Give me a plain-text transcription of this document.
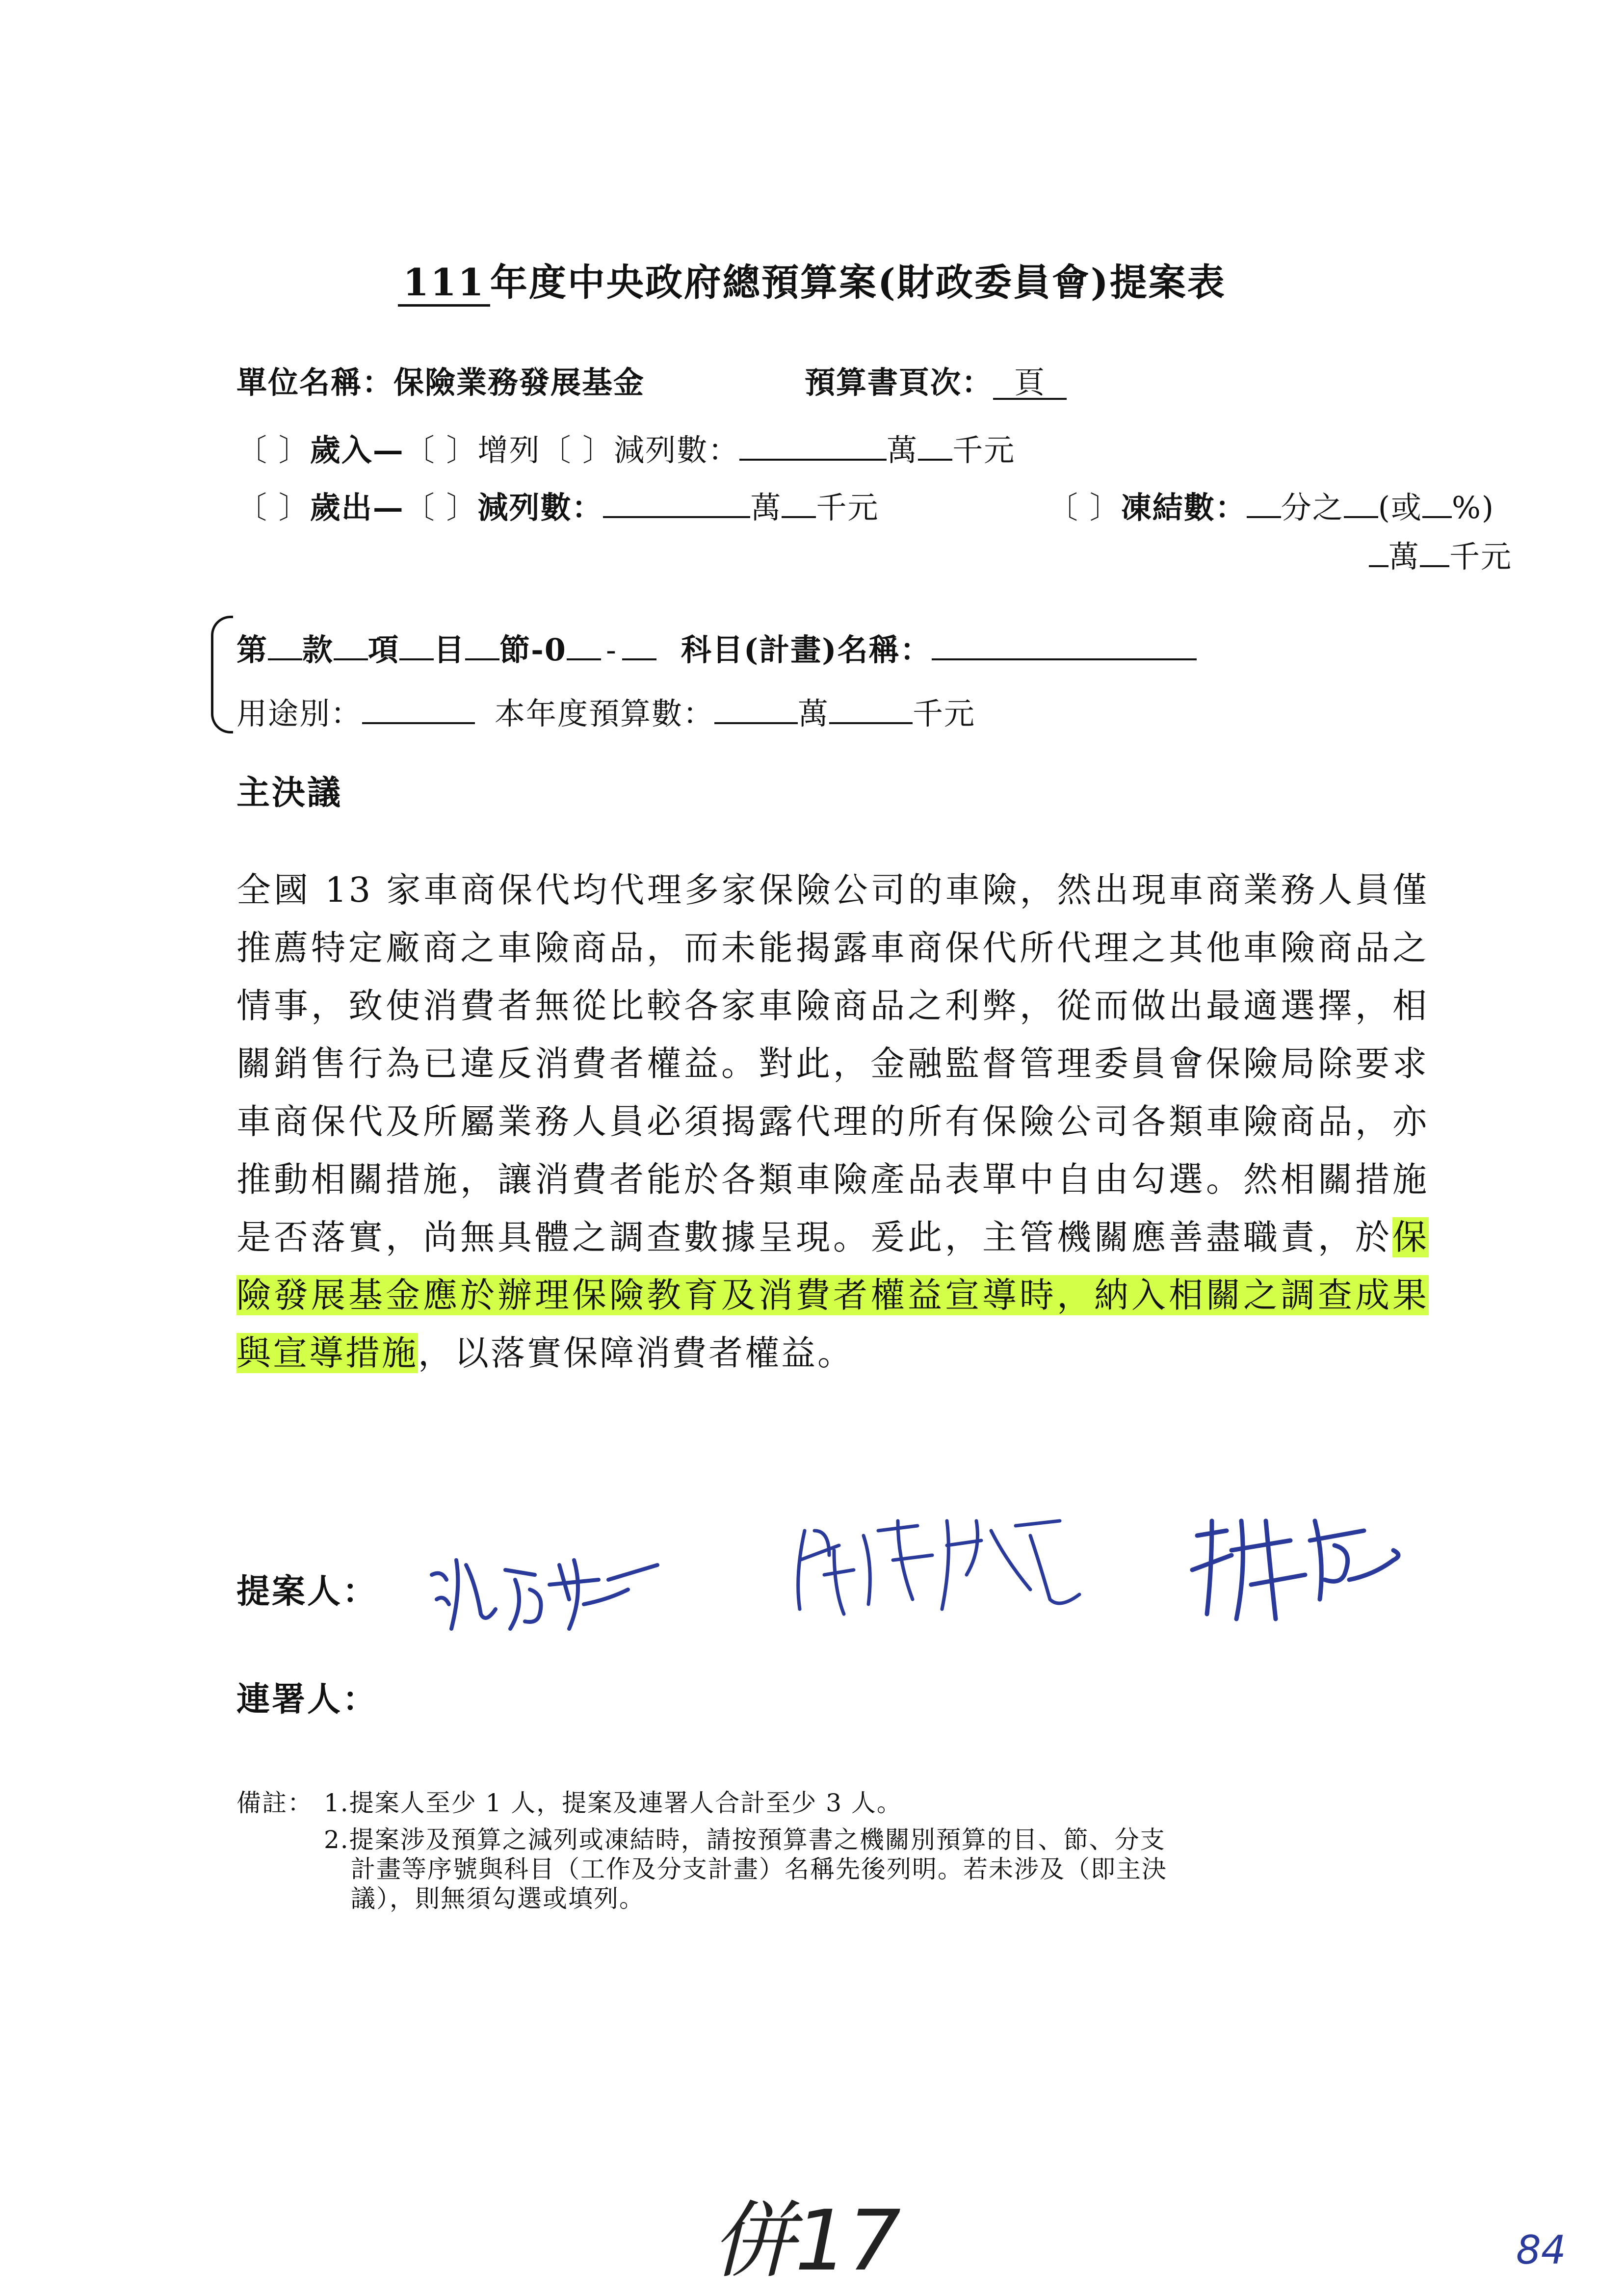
111 年度中央政府總預算案(財政委員會)提案表
單位名稱：保險業務發展基金	預算書頁次： 頁
〔 〕歲入—〔 〕增列〔 〕減列數：	萬 千元
〔 〕歲出—〔 〕減列數：	萬 千元	〔 〕凍結數： 分之 (或 %)
萬 千元
第 款 項 目 節-0 - 科目(計畫)名稱：
用途別：	本年度預算數：	萬	千元
主決議
全國 13 家車商保代均代理多家保險公司的車險，然出現車商業務人員僅推薦特定廠商之車險商品，而未能揭露車商保代所代理之其他車險商品之情事，致使消費者無從比較各家車險商品之利弊，從而做出最適選擇，相關銷售行為已違反消費者權益。對此，金融監督管理委員會保險局除要求車商保代及所屬業務人員必須揭露代理的所有保險公司各類車險商品，亦推動相關措施，讓消費者能於各類車險產品表單中自由勾選。然相關措施是否落實，尚無具體之調查數據呈現。爰此，主管機關應善盡職責，於保險發展基金應於辦理保險教育及消費者權益宣導時，納入相關之調查成果與宣導措施，以落實保障消費者權益。
提案人：
連署人：
備註： 1.提案人至少 1 人，提案及連署人合計至少 3 人。
2.提案涉及預算之減列或凍結時，請按預算書之機關別預算的目、節、分支
計畫等序號與科目（工作及分支計畫）名稱先後列明。若未涉及（即主決
議），則無須勾選或填列。
併17	84
